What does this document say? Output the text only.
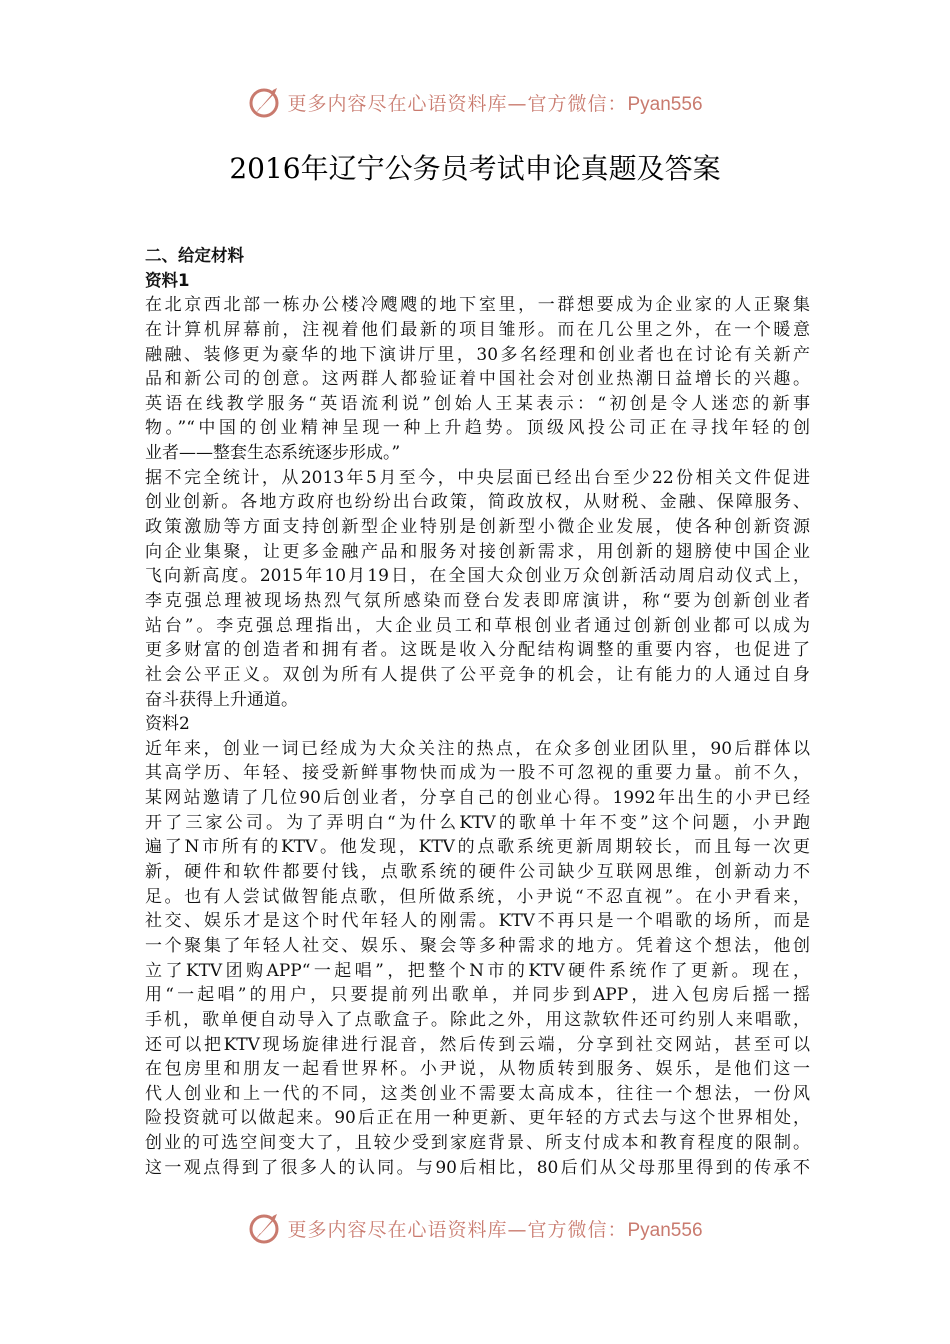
更多内容尽在心语资料库—官方微信：Pyan556
2016年辽宁公务员考试申论真题及答案
二、给定材料
资料1
在北京西北部一栋办公楼冷飕飕的地下室里，一群想要成为企业家的人正聚集
在计算机屏幕前，注视着他们最新的项目雏形。而在几公里之外，在一个暖意
融融、装修更为豪华的地下演讲厅里，30多名经理和创业者也在讨论有关新产
品和新公司的创意。这两群人都验证着中国社会对创业热潮日益增长的兴趣。
英语在线教学服务“英语流利说”创始人王某表示：“初创是令人迷恋的新事
物。”“中国的创业精神呈现一种上升趋势。顶级风投公司正在寻找年轻的创
业者——整套生态系统逐步形成。”
据不完全统计，从2013年5月至今，中央层面已经出台至少22份相关文件促进
创业创新。各地方政府也纷纷出台政策，简政放权，从财税、金融、保障服务、
政策激励等方面支持创新型企业特别是创新型小微企业发展，使各种创新资源
向企业集聚，让更多金融产品和服务对接创新需求，用创新的翅膀使中国企业
飞向新高度。2015年10月19日，在全国大众创业万众创新活动周启动仪式上，
李克强总理被现场热烈气氛所感染而登台发表即席演讲，称“要为创新创业者
站台”。李克强总理指出，大企业员工和草根创业者通过创新创业都可以成为
更多财富的创造者和拥有者。这既是收入分配结构调整的重要内容，也促进了
社会公平正义。双创为所有人提供了公平竞争的机会，让有能力的人通过自身
奋斗获得上升通道。
资料2
近年来，创业一词已经成为大众关注的热点，在众多创业团队里，90后群体以
其高学历、年轻、接受新鲜事物快而成为一股不可忽视的重要力量。前不久，
某网站邀请了几位90后创业者，分享自己的创业心得。1992年出生的小尹已经
开了三家公司。为了弄明白“为什么KTV的歌单十年不变”这个问题，小尹跑
遍了N市所有的KTV。他发现，KTV的点歌系统更新周期较长，而且每一次更
新，硬件和软件都要付钱，点歌系统的硬件公司缺少互联网思维，创新动力不
足。也有人尝试做智能点歌，但所做系统，小尹说“不忍直视”。在小尹看来，
社交、娱乐才是这个时代年轻人的刚需。KTV不再只是一个唱歌的场所，而是
一个聚集了年轻人社交、娱乐、聚会等多种需求的地方。凭着这个想法，他创
立了KTV团购APP“一起唱”，把整个N市的KTV硬件系统作了更新。现在，
用“一起唱”的用户，只要提前列出歌单，并同步到APP，进入包房后摇一摇
手机，歌单便自动导入了点歌盒子。除此之外，用这款软件还可约别人来唱歌，
还可以把KTV现场旋律进行混音，然后传到云端，分享到社交网站，甚至可以
在包房里和朋友一起看世界杯。小尹说，从物质转到服务、娱乐，是他们这一
代人创业和上一代的不同，这类创业不需要太高成本，往往一个想法，一份风
险投资就可以做起来。90后正在用一种更新、更年轻的方式去与这个世界相处，
创业的可选空间变大了，且较少受到家庭背景、所支付成本和教育程度的限制。
这一观点得到了很多人的认同。与90后相比，80后们从父母那里得到的传承不
更多内容尽在心语资料库—官方微信：Pyan556
